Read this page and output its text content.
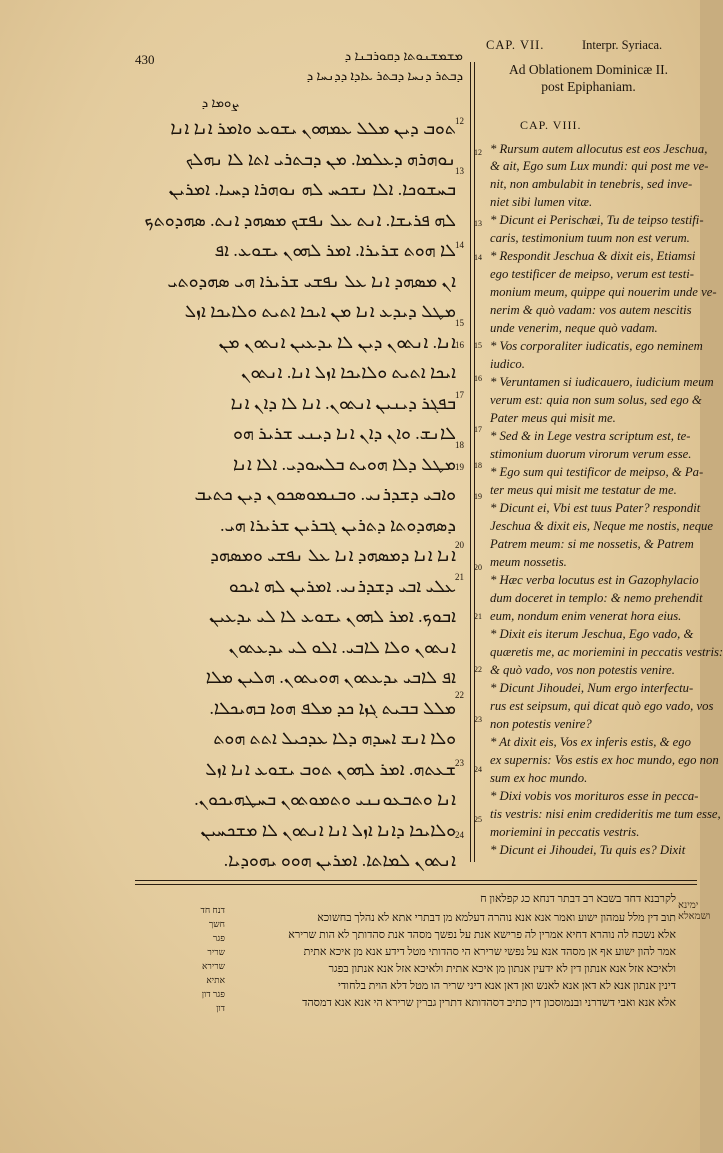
430	ܡܫܡܫܢܘܬܐ ܕܩܘܪܒܢܐ ܕ
ܕܒܬܪ ܕܢܚܐ ܕܒܬܪ ܥܐܕܐ ܕܕܢܚܐ ܕ
ܨܘܡܐ ܕ
CAP. VII.	Interpr. Syriaca.
Ad Oblationem Dominicæ II.
post Epiphaniam.
CAP. VIII.
ܬܘܒ ܕܝܢ ܡܠܠ ܥܡܗܘܢ ܝܫܘܥ ܘܐܡܪ ܐܢܐ ܐܢܐ
ܢܘܗܪܗ ܕܥܠܡܐ. ܡܢ ܕܒܬܪܝ ܐܬܐ ܠܐ ܢܗܠܟ
ܒܚܫܘܟܐ. ܐܠܐ ܢܫܟܚ ܠܗ ܢܘܗܪܐ ܕܚܝܐ. ܐܡܪܝܢ
ܠܗ ܦܪܝܫܐ. ܐܢܬ ܥܠ ܢܦܫܟ ܡܣܗܕ ܐܢܬ. ܣܗܕܘܬܟ
ܠܐ ܗܘܬ ܫܪܝܪܐ. ܐܡܪ ܠܗܘܢ ܝܫܘܥ. ܐܦ
ܐܢ ܡܣܗܕ ܐܢܐ ܥܠ ܢܦܫܝ ܫܪܝܪܐ ܗܝ ܣܗܕܘܬܝ
ܡܛܠ ܕܝܕܥ ܐܢܐ ܡܢ ܐܝܟܐ ܐܬܝܬ ܘܠܐܝܟܐ ܐܙܠ
ܐܢܐ. ܐܢܬܘܢ ܕܝܢ ܠܐ ܝܕܥܝܢ ܐܢܬܘܢ ܡܢ
ܐܝܟܐ ܐܬܝܬ ܘܠܐܝܟܐ ܐܙܠ ܐܢܐ. ܐܢܬܘܢ
ܒܦܓܪ ܕܝܢܝܢ ܐܢܬܘܢ. ܐܢܐ ܠܐ ܕܐܢ ܐܢܐ
ܠܐܢܫ. ܘܐܢ ܕܐܢ ܐܢܐ ܕܝܢܝ ܫܪܝܪ ܗܘ
ܡܛܠ ܕܠܐ ܗܘܝܬ ܒܠܚܘܕܝ. ܐܠܐ ܐܢܐ
ܘܐܒܝ ܕܫܕܪܢܝ. ܘܒܢܡܘܣܟܘܢ ܕܝܢ ܟܬܝܒ
ܕܣܗܕܘܬܐ ܕܬܪܝܢ ܓܒܪܝܢ ܫܪܝܪܐ ܗܝ.
ܐܢܐ ܐܢܐ ܕܡܣܗܕ ܐܢܐ ܥܠ ܢܦܫܝ ܘܡܣܗܕ
ܥܠܝ ܐܒܝ ܕܫܕܪܢܝ. ܐܡܪܝܢ ܠܗ ܐܝܟܘ
ܐܒܘܟ. ܐܡܪ ܠܗܘܢ ܝܫܘܥ ܠܐ ܠܝ ܝܕܥܝܢ
ܐܢܬܘܢ ܘܠܐ ܠܐܒܝ. ܐܠܘ ܠܝ ܝܕܥܬܘܢ
ܐܦ ܠܐܒܝ ܝܕܥܬܘܢ ܗܘܝܬܘܢ. ܗܠܝܢ ܡܠܐ
ܡܠܠ ܒܒܝܬ ܓܙܐ ܟܕ ܡܠܦ ܗܘܐ ܒܗܝܟܠܐ.
ܘܠܐ ܐܢܫ ܐܚܕܗ ܕܠܐ ܥܕܟܝܠ ܐܬܬ ܗܘܬ
ܫܥܬܗ. ܐܡܪ ܠܗܘܢ ܬܘܒ ܝܫܘܥ ܐܢܐ ܐܙܠ
ܐܢܐ ܘܬܒܥܘܢܢܝ ܘܬܡܘܬܘܢ ܒܚܛܗܝܟܘܢ.
ܘܠܐܝܟܐ ܕܐܢܐ ܐܙܠ ܐܢܐ ܐܢܬܘܢ ܠܐ ܡܫܟܚܝܢ
ܐܢܬܘܢ ܠܡܐܬܐ. ܐܡܪܝܢ ܗܘܘ ܝܗܘܕܝܐ.
12
13
14
15
16
17
18
19
20
21
22
23
24
12
13
14
15
16
17
18
19
20
21
22
23
24
25
* Rursum autem allocutus est eos Jeschua,
& ait, Ego sum Lux mundi: qui post me ve-
nit, non ambulabit in tenebris, sed inve-
niet sibi lumen vitæ.
* Dicunt ei Perischæi, Tu de teipso testifi-
caris, testimonium tuum non est verum.
* Respondit Jeschua & dixit eis, Etiamsi
ego testificer de meipso, verum est testi-
monium meum, quippe qui nouerim unde ve-
nerim & quò vadam: vos autem nescitis
unde venerim, neque quò vadam.
* Vos corporaliter iudicatis, ego neminem
iudico.
* Veruntamen si iudicauero, iudicium meum
verum est: quia non sum solus, sed ego &
Pater meus qui misit me.
* Sed & in Lege vestra scriptum est, te-
stimonium duorum virorum verum esse.
* Ego sum qui testificor de meipso, & Pa-
ter meus qui misit me testatur de me.
* Dicunt ei, Vbi est tuus Pater? respondit
Jeschua & dixit eis, Neque me nostis, neque
Patrem meum: si me nossetis, & Patrem
meum nossetis.
* Hæc verba locutus est in Gazophylacio
dum doceret in templo: & nemo prehendit
eum, nondum enim venerat hora eius.
* Dixit eis iterum Jeschua, Ego vado, &
quæretis me, ac moriemini in peccatis vestris:
& quò vado, vos non potestis venire.
* Dicunt Jihoudei, Num ergo interfectu-
rus est seipsum, qui dicat quò ego vado, vos
non potestis venire?
* At dixit eis, Vos ex inferis estis, & ego
ex supernis: Vos estis ex hoc mundo, ego non
sum ex hoc mundo.
* Dixi vobis vos morituros esse in pecca-
tis vestris: nisi enim credideritis me tum esse,
moriemini in peccatis vestris.
* Dicunt ei Jihoudei, Tu quis es? Dixit
לקרבנא דחד בשבא רב דבתר דנחא כג קפלאון ח
תוב דין מלל עמהון ישוע ואמר אנא אנא נוהרה דעלמא מן דבתרי אתא לא נהלך בחשוכא
אלא נשכח לה נוהרא דחיא אמרין לה פרישא אנת על נפשך מסהד אנת סהדותך לא הות שרירא
אמר להון ישוע אף אן מסהד אנא על נפשי שרירא הי סהדותי מטל דידע אנא מן איכא אתית
ולאיכא אזל אנא אנתון דין לא ידעין אנתון מן איכא אתית ולאיכא אזל אנא אנתון בפגר
דינין אנתון אנא לא דאן אנא לאנש ואן דאן אנא דיני שריר הו מטל דלא הוית בלחודי
אלא אנא ואבי דשדרני ובנמוסכון דין כתיב דסהדותא דתרין גברין שרירא הי אנא אנא דמסהד
דנח חד
חשך
פגר
שריר
שרירא
אתיא
פגר דון
דון
ימינא ושמאלא
